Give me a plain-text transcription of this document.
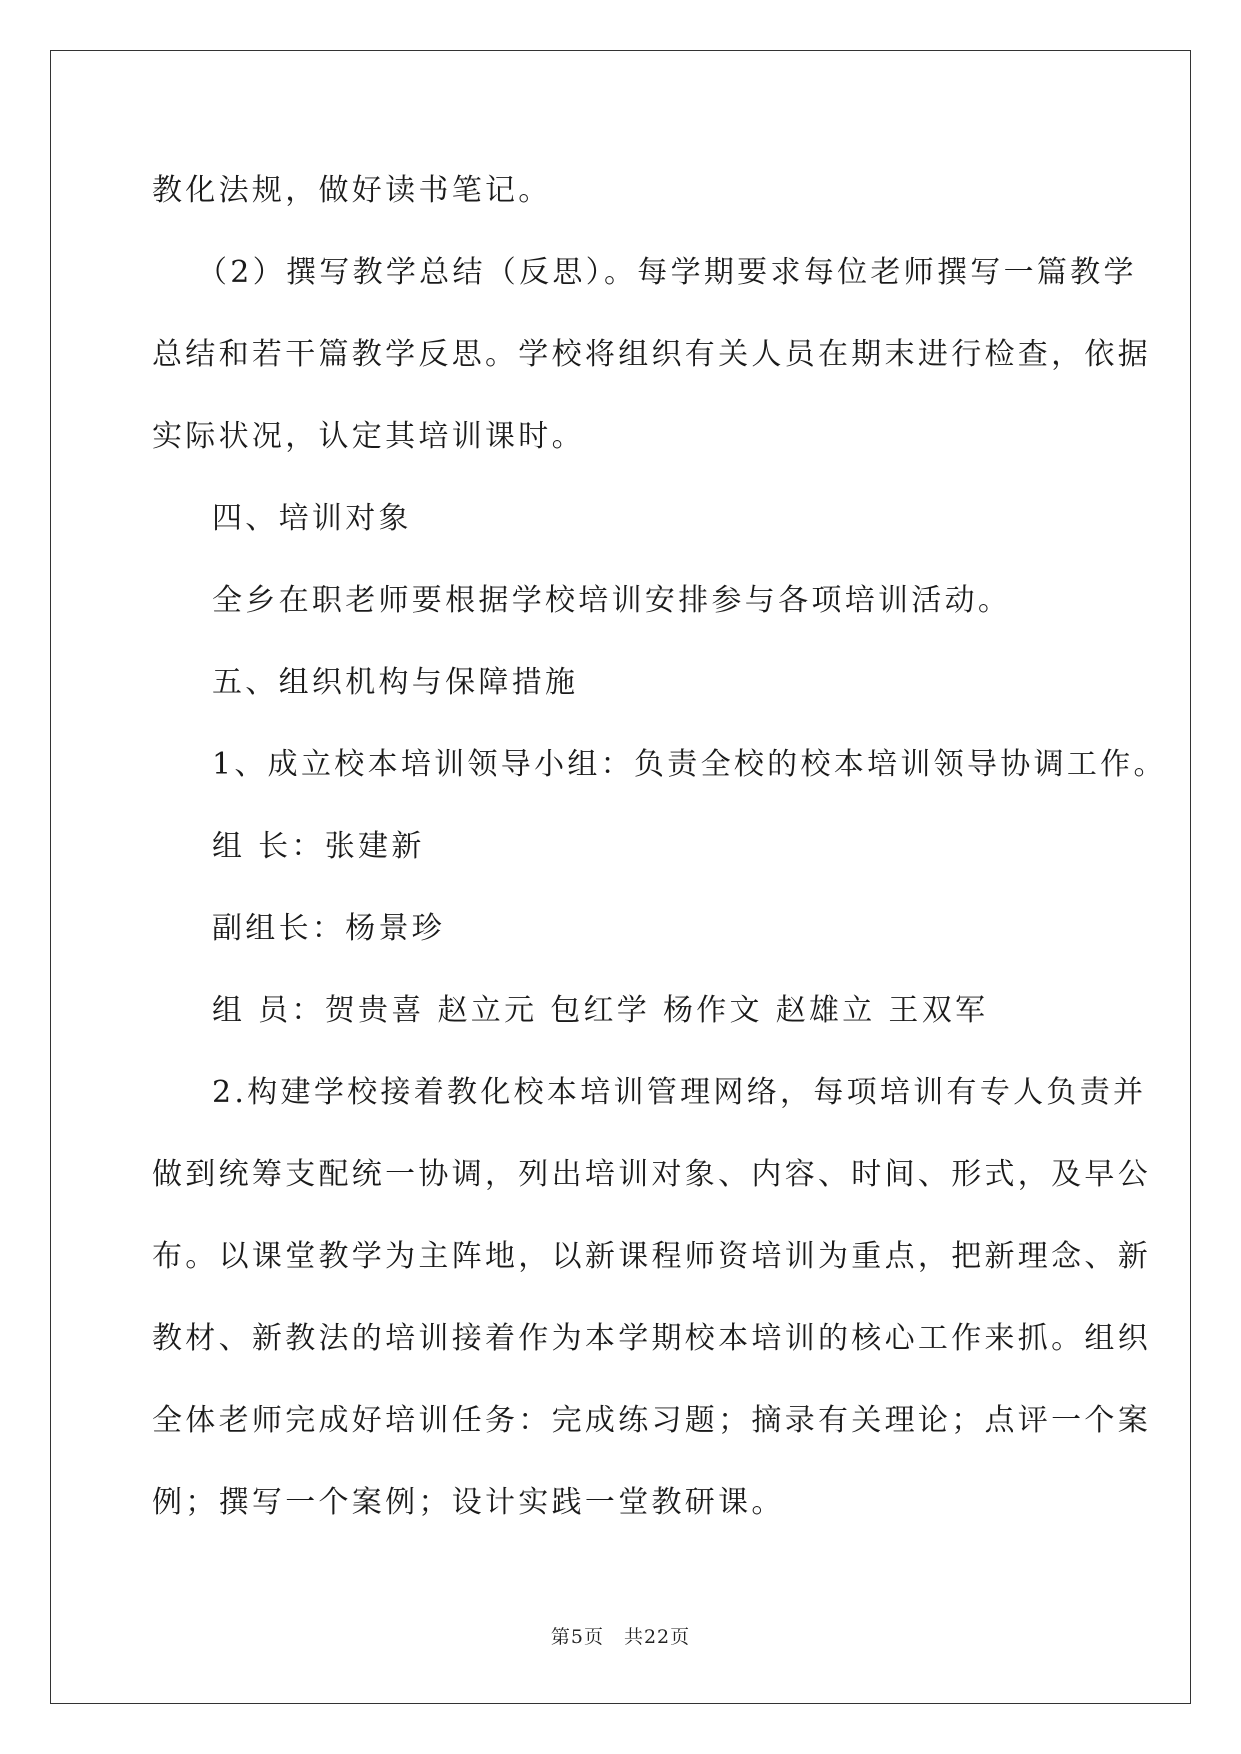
教化法规，做好读书笔记。
（2）撰写教学总结（反思）。每学期要求每位老师撰写一篇教学
总结和若干篇教学反思。学校将组织有关人员在期末进行检查，依据
实际状况，认定其培训课时。
四、培训对象
全乡在职老师要根据学校培训安排参与各项培训活动。
五、组织机构与保障措施
1、成立校本培训领导小组：负责全校的校本培训领导协调工作。
组 长：张建新
副组长：杨景珍
组 员：贺贵喜 赵立元 包红学 杨作文 赵雄立 王双军
2.构建学校接着教化校本培训管理网络，每项培训有专人负责并
做到统筹支配统一协调，列出培训对象、内容、时间、形式，及早公
布。以课堂教学为主阵地，以新课程师资培训为重点，把新理念、新
教材、新教法的培训接着作为本学期校本培训的核心工作来抓。组织
全体老师完成好培训任务：完成练习题；摘录有关理论；点评一个案
例；撰写一个案例；设计实践一堂教研课。
第5页 共22页
